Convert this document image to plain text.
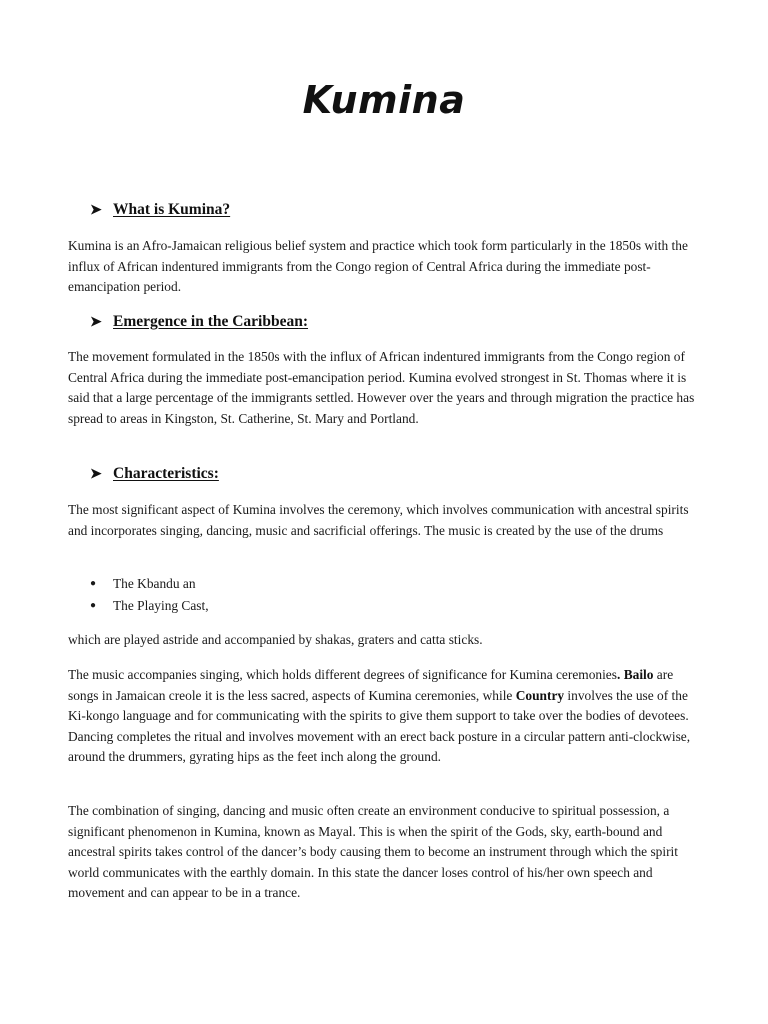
Kumina
➤ What is Kumina?

Kumina is an Afro-Jamaican religious belief system and practice which took form particularly in the 1850s with the influx of African indentured immigrants from the Congo region of Central Africa during the immediate post-emancipation period.

➤ Emergence in the Caribbean:

The movement formulated in the 1850s with the influx of African indentured immigrants from the Congo region of Central Africa during the immediate post-emancipation period. Kumina evolved strongest in St. Thomas where it is said that a large percentage of the immigrants settled. However over the years and through migration the practice has spread to areas in Kingston, St. Catherine, St. Mary and Portland.

➤ Characteristics:

The most significant aspect of Kumina involves the ceremony, which involves communication with ancestral spirits and incorporates singing, dancing, music and sacrificial offerings. The music is created by the use of the drums

●	The Kbandu an
●	The Playing Cast,

which are played astride and accompanied by shakas, graters and catta sticks.

The music accompanies singing, which holds different degrees of significance for Kumina ceremonies. Bailo are songs in Jamaican creole it is the less sacred, aspects of Kumina ceremonies, while Country involves the use of the Ki-kongo language and for communicating with the spirits to give them support to take over the bodies of devotees. Dancing completes the ritual and involves movement with an erect back posture in a circular pattern anti-clockwise, around the drummers, gyrating hips as the feet inch along the ground.

The combination of singing, dancing and music often create an environment conducive to spiritual possession, a significant phenomenon in Kumina, known as Mayal. This is when the spirit of the Gods, sky, earth-bound and ancestral spirits takes control of the dancer’s body causing them to become an instrument through which the spirit world communicates with the earthly domain. In this state the dancer loses control of his/her own speech and movement and can appear to be in a trance.
